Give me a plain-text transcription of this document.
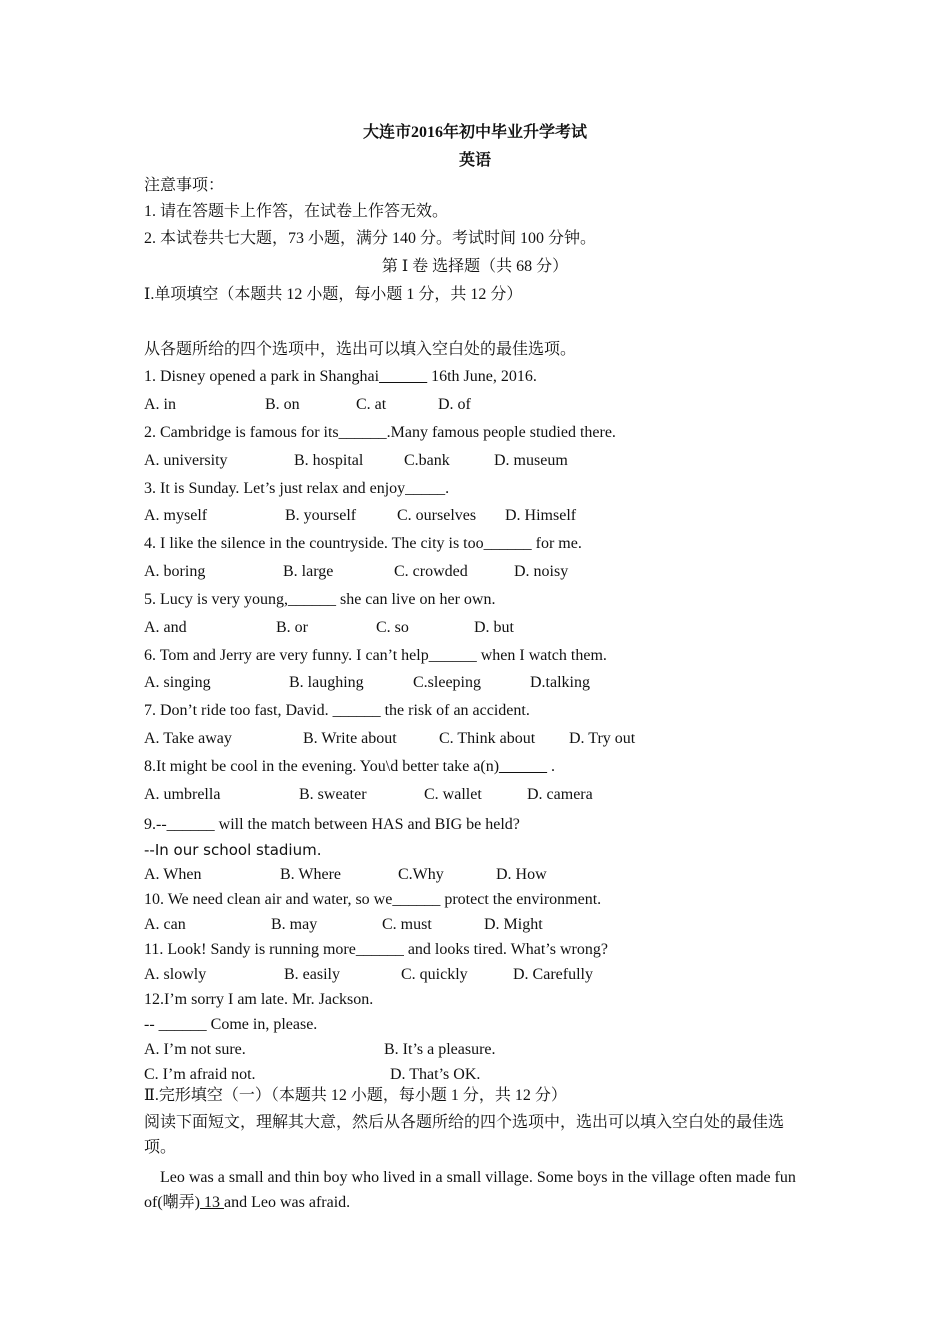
大连市2016年初中毕业升学考试
英语
注意事项：
1. 请在答题卡上作答，在试卷上作答无效。
2. 本试卷共七大题，73 小题，满分 140 分。考试时间 100 分钟。
第 Ⅰ 卷 选择题（共 68 分）
Ⅰ.单项填空（本题共 12 小题，每小题 1 分，共 12 分）
从各题所给的四个选项中，选出可以填入空白处的最佳选项。
1. Disney opened a park in Shanghai______ 16th June, 2016.
A. in	B. on	C. at	D. of
2. Cambridge is famous for its______.Many famous people studied there.
A. university	B. hospital	C.bank	D. museum
3. It is Sunday. Let’s just relax and enjoy_____.
A. myself	B. yourself	C. ourselves D. Himself
4. I like the silence in the countryside. The city is too______ for me.
A. boring	B. large	C. crowded	D. noisy
5. Lucy is very young,______ she can live on her own.
A. and	B. or	C. so	D. but
6. Tom and Jerry are very funny. I can’t help______ when I watch them.
A. singing	B. laughing	C.sleeping	D.talking
7. Don’t ride too fast, David. ______ the risk of an accident.
A. Take away	B. Write about	C. Think about D. Try out
8.It might be cool in the evening. You\d better take a(n)______ .
A. umbrella	B. sweater	C. wallet	D. camera
9.--______ will the match between HAS and BIG be held?
--In our school stadium.
A. When	B. Where	C.Why	D. How
10. We need clean air and water, so we______ protect the environment.
A. can	B. may	C. must	D. Might
11. Look! Sandy is running more______ and looks tired. What’s wrong?
A. slowly	B. easily	C. quickly	D. Carefully
12.I’m sorry I am late. Mr. Jackson.
-- ______ Come in, please.
A. I’m not sure.	B. It’s a pleasure.
C. I’m afraid not.	D. That’s OK.
Ⅱ.完形填空（一）（本题共 12 小题，每小题 1 分，共 12 分）
阅读下面短文，理解其大意，然后从各题所给的四个选项中，选出可以填入空白处的最佳选项。
Leo was a small and thin boy who lived in a small village. Some boys in the village often made fun of(嘲弄) 13 and Leo was afraid.
